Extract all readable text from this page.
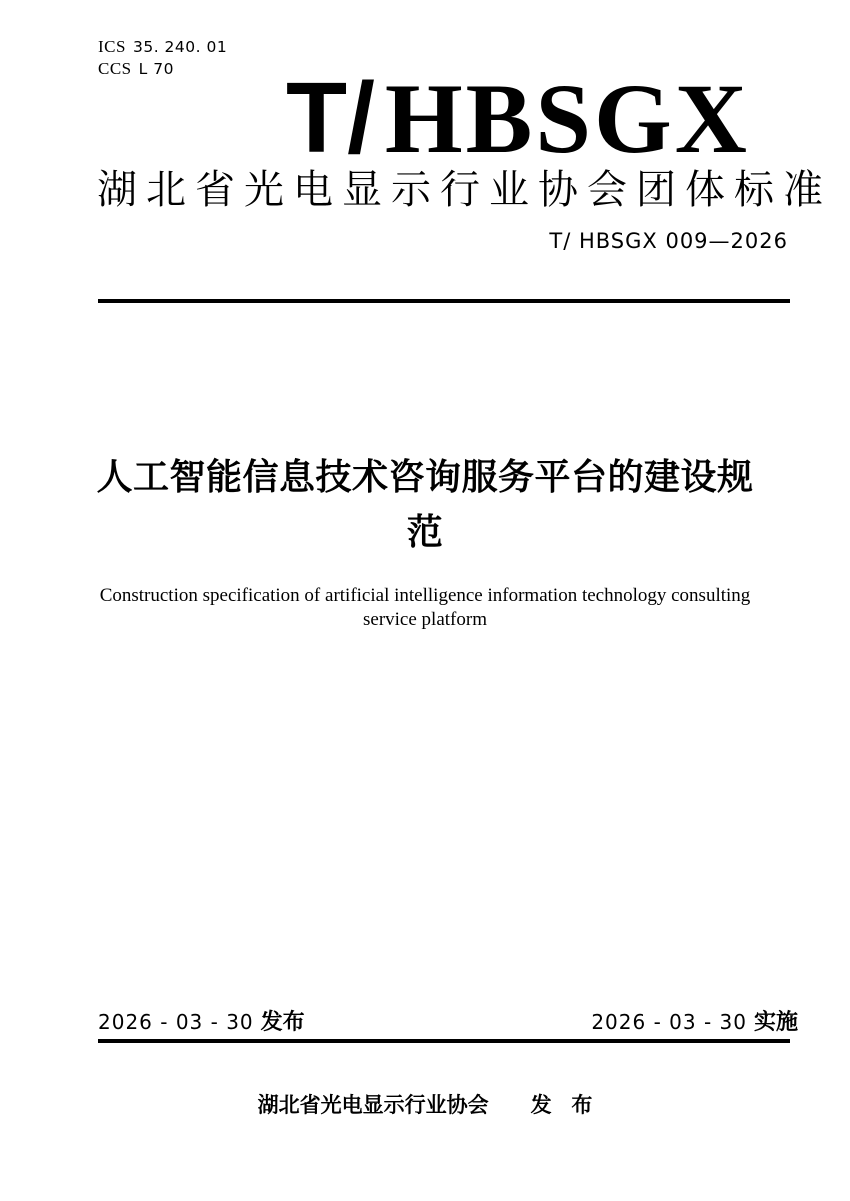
ICS 35. 240. 01
CCS L 70	T/ HBSGX
湖北省光电显示行业协会团体标准
T/ HBSGX 009—2026
人工智能信息技术咨询服务平台的建设规范
Construction specification of artificial intelligence information technology consulting
service platform
2026 - 03 - 30 发布	2026 - 03 - 30 实施
湖北省光电显示行业协会 发 布
